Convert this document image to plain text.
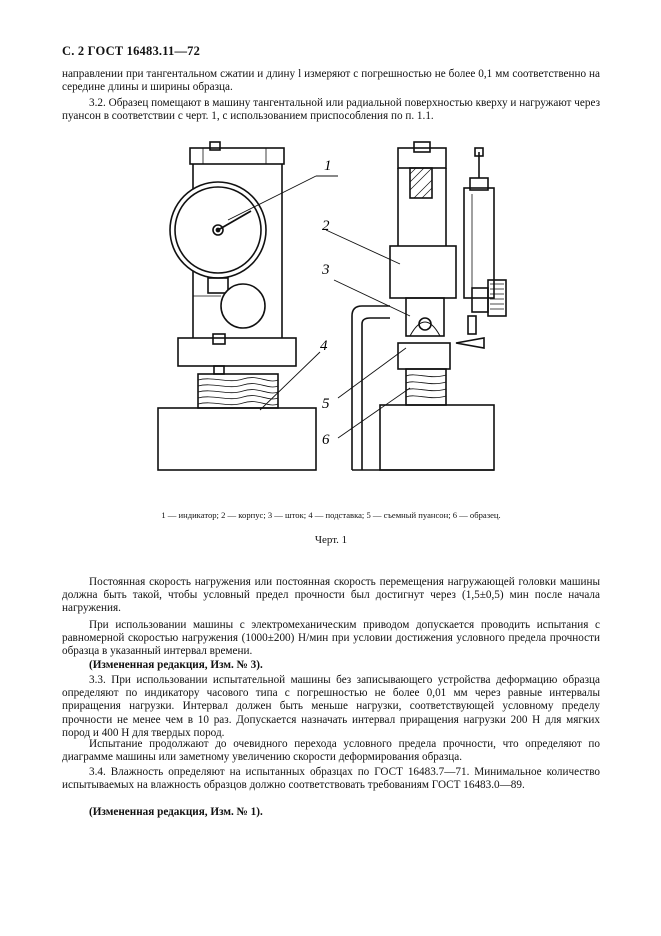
С. 2 ГОСТ 16483.11—72

направлении при тангентальном сжатии и длину l измеряют с погрешностью не более 0,1 мм соответственно на середине длины и ширины образца.

3.2. Образец помещают в машину тангентальной или радиальной поверхностью кверху и нагружают через пуансон в соответствии с черт. 1, с использованием приспособления по п. 1.1.

1
2
3
4
5
6
1 — индикатор; 2 — корпус; 3 — шток; 4 — подставка; 5 — съемный пуансон; 6 — образец.
Черт. 1

Постоянная скорость нагружения или постоянная скорость перемещения нагружающей головки машины должна быть такой, чтобы условный предел прочности был достигнут через (1,5±0,5) мин после начала нагружения.

При использовании машины с электромеханическим приводом допускается проводить испытания с равномерной скоростью нагружения (1000±200) Н/мин при условии достижения условного предела прочности образца в указанный интервал времени.

(Измененная редакция, Изм. № 3).

3.3. При использовании испытательной машины без записывающего устройства деформацию образца определяют по индикатору часового типа с погрешностью не более 0,01 мм через равные интервалы приращения нагрузки. Интервал должен быть меньше нагрузки, соответствующей условному пределу прочности не менее чем в 10 раз. Допускается назначать интервал приращения нагрузки 200 Н для мягких пород и 400 Н для твердых пород.

Испытание продолжают до очевидного перехода условного предела прочности, что определяют по диаграмме машины или заметному увеличению скорости деформирования образца.

3.4. Влажность определяют на испытанных образцах по ГОСТ 16483.7—71. Минимальное количество испытываемых на влажность образцов должно соответствовать требованиям ГОСТ 16483.0—89.

(Измененная редакция, Изм. № 1).
